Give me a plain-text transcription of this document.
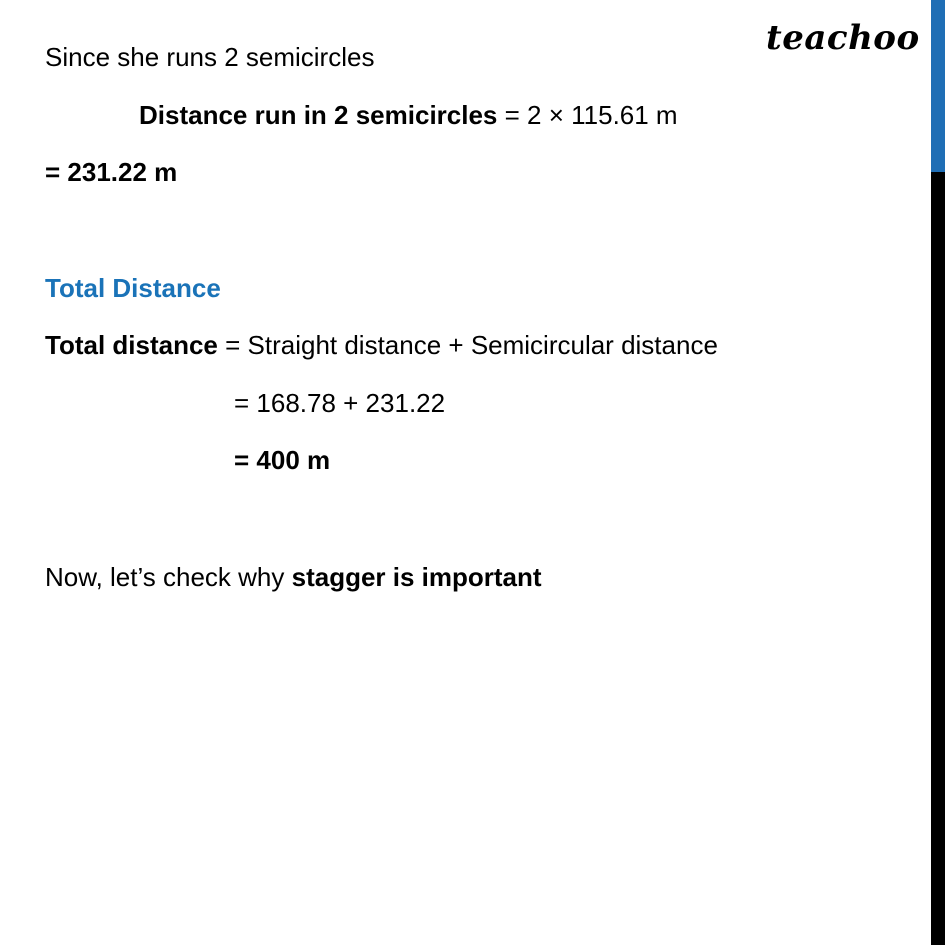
teachoo
Since she runs 2 semicircles
Distance run in 2 semicircles = 2 × 115.61 m
= 231.22 m
Total Distance
Total distance = Straight distance + Semicircular distance
= 168.78 + 231.22
= 400 m
Now, let’s check why stagger is important
